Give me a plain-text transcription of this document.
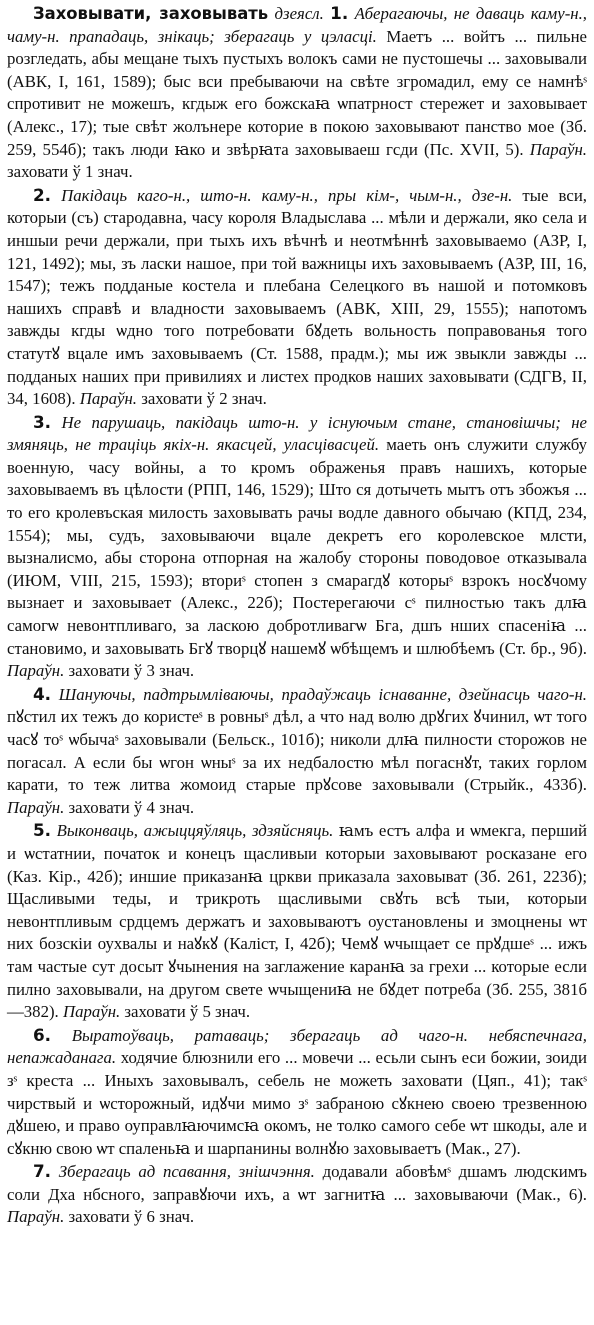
Заховывати, заховывать дзеясл. 1. Аберагаючы, не даваць каму-н., чаму-н. прападаць, знікаць; зберагаць у цэласці. Маетъ ... войтъ ... пильне розгледать, абы мещане тыхъ пустыхъ волокъ сами не пустошечы ... заховывали (АВК, I, 161, 1589); быс вси пребываючи на свѣте згромадил, ему се намнѣˢ спротивит не можешъ, кгдыж его божскаꙗ ѡпатрност стережет и заховывает (Алекс., 17); тые свѣт жолънере которие в покою заховывают панство мое (Зб. 259, 554б); такъ люди ꙗко и звѣрꙗта заховываеш гсди (Пс. XVII, 5). Параўн. заховати ў 1 знач.

2. Пакідаць каго-н., што-н. каму-н., пры кім-, чым-н., дзе-н. тые вси, которыи (съ) стародавна, часу короля Владыслава ... мѣли и держали, яко села и иншыи речи держали, при тыхъ ихъ вѣчнѣ и неотмѣннѣ заховываемо (АЗР, I, 121, 1492); мы, зъ ласки нашое, при той важницы ихъ заховываемъ (АЗР, III, 16, 1547); тежъ подданые костела и плебана Селецкого въ нашой и потомковъ нашихъ справѣ и владности заховываемъ (АВК, XIII, 29, 1555); напотомъ завжды кгды ѡдно того потребовати бꙋдеть вольность поправованья того статутꙋ вцале имъ заховываемъ (Ст. 1588, прадм.); мы иж звыкли завжды ... подданых наших при привилиях и листех продков наших заховывати (СДГВ, II, 34, 1608). Параўн. заховати ў 2 знач.

3. Не парушаць, пакідаць што-н. у існуючым стане, становішчы; не змяняць, не траціць якіх-н. якасцей, уласцівасцей. маеть онъ служити службу военную, часу войны, а то кромъ ображенья правъ нашихъ, которые заховываемъ въ цѣлости (РПП, 146, 1529); Што ся дотычеть мытъ отъ збожъя ... то его кролевъская милость заховывать рачы водле давного обычаю (КПД, 234, 1554); мы, судъ, заховываючи вцале декретъ его королевское млсти, вызналисмо, абы сторона отпорная на жалобу стороны поводовое отказывала (ИЮМ, VIII, 215, 1593); вториˢ стопен з смарагдꙋ которыˢ взрокъ носꙋчому вызнает и заховывает (Алекс., 22б); Постерегаючи сˢ пилностью такъ длꙗ самогѡ невонтпливаго, за ласкою добротливагѡ Бга, дшъ нших спасеніꙗ ... становимо, и заховывать Бгꙋ творцꙋ нашемꙋ ѡбѣщемъ и шлюбѣемъ (Ст. бр., 9б). Параўн. заховати ў 3 знач.

4. Шануючы, падтрымліваючы, прадаўжаць існаванне, дзейнасць чаго-н. пꙋстил их тежъ до користеˢ в ровныˢ дѣл, а что над волю дрꙋгих ꙋчинил, ѡт того часꙋ тоˢ ѡбычаˢ заховывали (Бельск., 101б); николи длꙗ пилности сторожов не погасал. А если бы ѡгон ѡныˢ за их недбалостю мѣл погаснꙋт, таких горлом карати, то теж литва жомоид старые прꙋсове заховывали (Стрыйк., 433б). Параўн. заховати ў 4 знач.

5. Выконваць, ажыццяўляць, здзяйсняць. ꙗмъ естъ алфа и ѡмекга, перший и ѡстатнии, початок и конецъ щасливыи которыи заховывают росказане его (Каз. Кір., 42б); иншие приказанꙗ цркви приказала заховыват (Зб. 261, 223б); Щасливыми теды, и трикроть щасливыми свꙋть всѣ тыи, которыи невонтпливым срдцемъ держатъ и заховываютъ оустановлены и змоцнены ѡт них бозскіи оухвалы и наꙋкꙋ (Каліст, I, 42б); Чемꙋ ѡчыщает се прꙋдшеˢ ... ижъ там частые сут досыт ꙋчынения на заглажение каранꙗ за грехи ... которые если пилно заховывали, на другом свете ѡчыщениꙗ не бꙋдет потреба (Зб. 255, 381б—382). Параўн. заховати ў 5 знач.

6. Выратоўваць, ратаваць; зберагаць ад чаго-н. небяспечнага, непажаданага. ходячие блюзнили его ... мовечи ... есьли сынъ еси божии, зоиди зˢ креста ... Иныхъ заховывалъ, себель не можеть заховати (Цяп., 41); такˢ чирствый и ѡсторожный, идꙋчи мимо зˢ забраною сꙋкнею своею трезвенною дꙋшею, и право оуправлꙗючимсꙗ окомъ, не толко самого себе ѡт шкоды, але и сꙋкню свою ѡт спаленьꙗ и шарпанины волнꙋю заховываетъ (Мак., 27).

7. Зберагаць ад псавання, знішчэння. додавали абовѣмˢ дшамъ людскимъ соли Дха нбсного, заправꙋючи ихъ, а ѡт загнитꙗ ... заховываючи (Мак., 6). Параўн. заховати ў 6 знач.
